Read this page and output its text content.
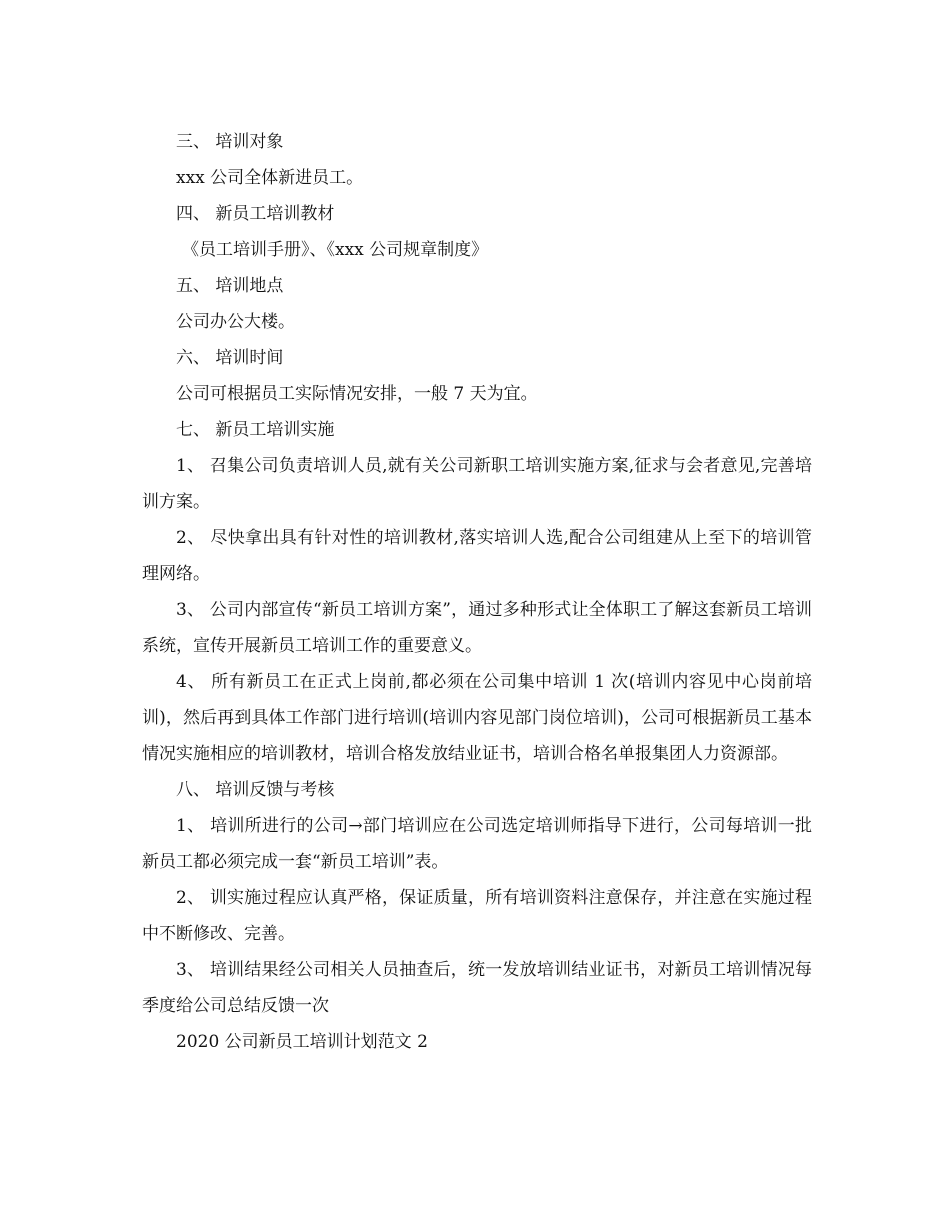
三、 培训对象

xxx 公司全体新进员工。

四、 新员工培训教材

《员工培训手册》、《xxx 公司规章制度》

五、 培训地点

公司办公大楼。

六、 培训时间

公司可根据员工实际情况安排，一般 7 天为宜。

七、 新员工培训实施

1、 召集公司负责培训人员,就有关公司新职工培训实施方案,征求与会者意见,完善培训方案。

2、 尽快拿出具有针对性的培训教材,落实培训人选,配合公司组建从上至下的培训管理网络。

3、 公司内部宣传“新员工培训方案”，通过多种形式让全体职工了解这套新员工培训系统，宣传开展新员工培训工作的重要意义。

4、 所有新员工在正式上岗前,都必须在公司集中培训 1 次(培训内容见中心岗前培训)，然后再到具体工作部门进行培训(培训内容见部门岗位培训)，公司可根据新员工基本情况实施相应的培训教材，培训合格发放结业证书，培训合格名单报集团人力资源部。

八、 培训反馈与考核

1、 培训所进行的公司→部门培训应在公司选定培训师指导下进行，公司每培训一批新员工都必须完成一套“新员工培训”表。

2、 训实施过程应认真严格，保证质量，所有培训资料注意保存，并注意在实施过程中不断修改、完善。

3、 培训结果经公司相关人员抽查后，统一发放培训结业证书，对新员工培训情况每季度给公司总结反馈一次

2020 公司新员工培训计划范文 2
